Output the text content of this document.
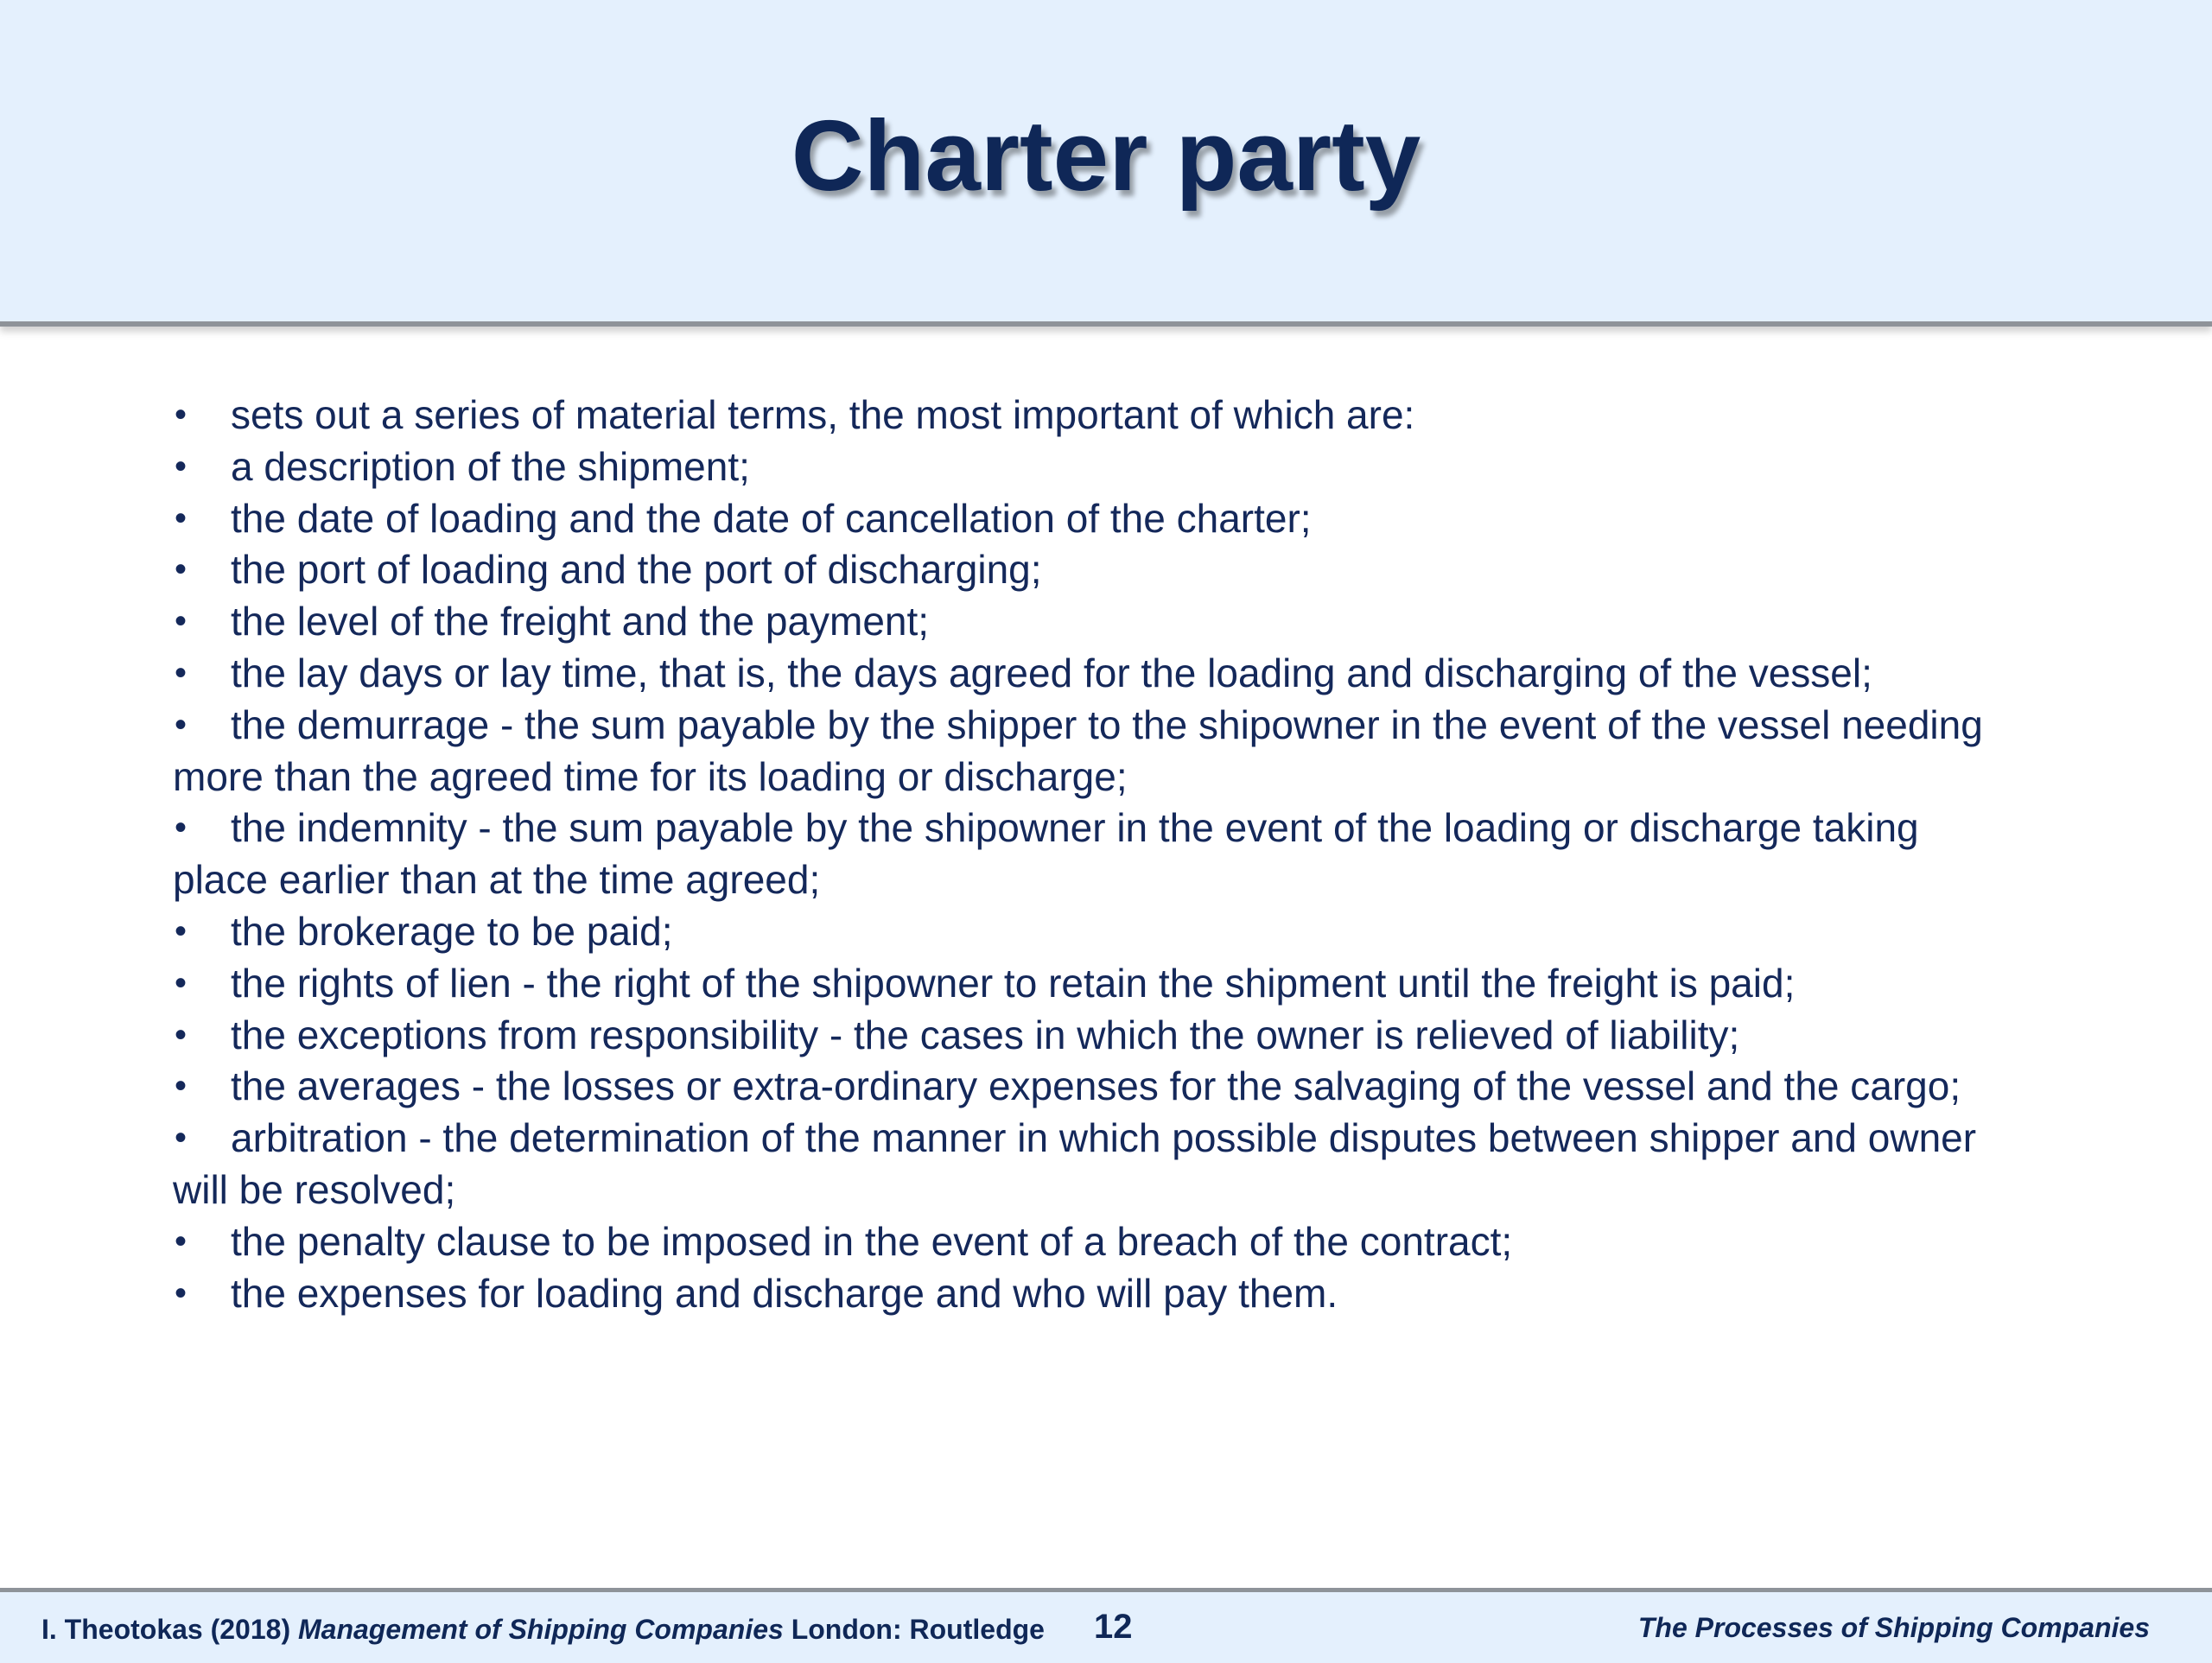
Charter party

• sets out a series of material terms, the most important of which are:

• a description of the shipment;

• the date of loading and the date of cancellation of the charter;

• the port of loading and the port of discharging;

• the level of the freight and the payment;

• the lay days or lay time, that is, the days agreed for the loading and discharging of the vessel;

• the demurrage - the sum payable by the shipper to the shipowner in the event of the vessel needing more than the agreed time for its loading or discharge;

• the indemnity - the sum payable by the shipowner in the event of the loading or discharge taking place earlier than at the time agreed;

• the brokerage to be paid;

• the rights of lien - the right of the shipowner to retain the shipment until the freight is paid;

• the exceptions from responsibility - the cases in which the owner is relieved of liability;

• the averages - the losses or extra-ordinary expenses for the salvaging of the vessel and the cargo;

• arbitration - the determination of the manner in which possible disputes between shipper and owner will be resolved;

• the penalty clause to be imposed in the event of a breach of the contract;

• the expenses for loading and discharge and who will pay them.

I. Theotokas (2018) Management of Shipping Companies London: Routledge 12	The Processes of Shipping Companies
